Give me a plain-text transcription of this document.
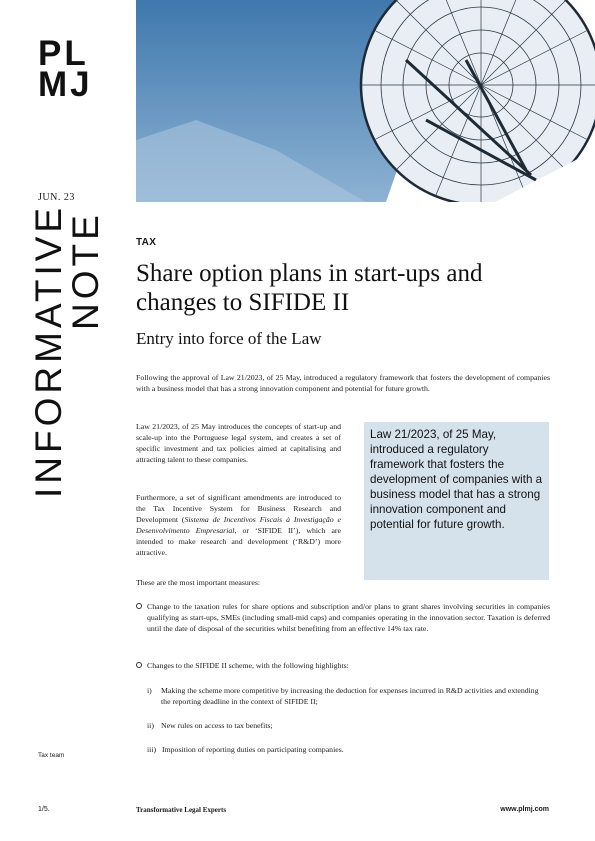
PL
MJ
JUN. 23
INFORMATIVE
NOTE
Tax team
TAX
Share option plans in start-ups and changes to SIFIDE II
Entry into force of the Law

Following the approval of Law 21/2023, of 25 May, introduced a regulatory framework that fosters the development of companies with a business model that has a strong innovation component and potential for future growth.

Law 21/2023, of 25 May introduces the concepts of start-up and scale-up into the Portuguese legal system, and creates a set of specific investment and tax policies aimed at capitalising and attracting talent to these companies.

Furthermore, a set of significant amendments are introduced to the Tax Incentive System for Business Research and Development (Sistema de Incentivos Fiscais à Investigação e Desenvolvimento Empresarial, or ‘SIFIDE II’), which are intended to make research and development (‘R&D’) more attractive.

Law 21/2023, of 25 May, introduced a regulatory framework that fosters the development of companies with a business model that has a strong innovation component and potential for future growth.

These are the most important measures:

Change to the taxation rules for share options and subscription and/or plans to grant shares involving securities in companies qualifying as start-ups, SMEs (including small-mid caps) and companies operating in the innovation sector. Taxation is deferred until the date of disposal of the securities whilst benefiting from an effective 14% tax rate.
Changes to the SIFIDE II scheme, with the following highlights:
i) Making the scheme more competitive by increasing the deduction for expenses incurred in R&D activities and extending the reporting deadline in the context of SIFIDE II;
ii) New rules on access to tax benefits;
iii) Imposition of reporting duties on participating companies.
1/5.	Transformative Legal Experts	www.plmj.com
